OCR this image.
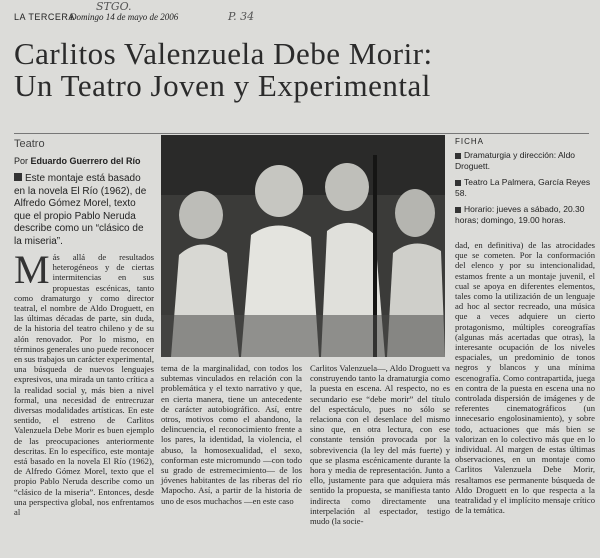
LA TERCERA
Domingo 14 de mayo de 2006
STGO.
P. 34
Carlitos Valenzuela Debe Morir:
Un Teatro Joven y Experimental
Teatro
Por Eduardo Guerrero del Río
Este montaje está basado en la novela El Río (1962), de Alfredo Gómez Morel, texto que el propio Pablo Neruda describe como un “clásico de la miseria”.
FICHA
Dramaturgia y dirección: Aldo Droguett.
Teatro La Palmera, García Reyes 58.
Horario: jueves a sábado, 20.30 horas; domingo, 19.00 horas.
M ás allá de resultados heterogéneos y de ciertas intermitencias en sus propuestas escénicas, tanto como dramaturgo y como director teatral, el nombre de Aldo Droguett, en las últimas décadas de parte, sin duda, de la historia del teatro chileno y de su alón renovador. Por lo mismo, en términos generales uno puede reconocer en sus trabajos un carácter experimental, una búsqueda de nuevos lenguajes expresivos, una mirada un tanto crítica a la realidad social y, más bien a nivel formal, una necesidad de entrecruzar diversas modalidades artísticas. En este sentido, el estreno de Carlitos Valenzuela Debe Morir es buen ejemplo de las preocupaciones anteriormente descritas. En lo específico, este montaje está basado en la novela El Río (1962), de Alfredo Gómez Morel, texto que el propio Pablo Neruda describe como un “clásico de la miseria”. Entonces, desde una perspectiva global, nos enfrentamos al

tema de la marginalidad, con todos los subtemas vinculados en relación con la problemática y el texto narrativo y que, en cierta manera, tiene un antecedente de carácter autobiográfico. Así, entre otros, motivos como el abandono, la delincuencia, el reconocimiento frente a los pares, la identidad, la violencia, el abuso, la homosexualidad, el sexo, conforman este micromundo —con todo su grado de estremecimiento— de los jóvenes habitantes de las riberas del río Mapocho. Así, a partir de la historia de uno de esos muchachos —en este caso

Carlitos Valenzuela—, Aldo Droguett va construyendo tanto la dramaturgia como la puesta en escena. Al respecto, no es secundario ese “debe morir” del título del espectáculo, pues no sólo se relaciona con el desenlace del mismo sino que, en otra lectura, con ese constante tensión provocada por la sobrevivencia (la ley del más fuerte) y que se plasma escénicamente durante la hora y media de representación. Junto a ello, justamente para que adquiera más sentido la propuesta, se manifiesta tanto indirecta como directamente una interpelación al espectador, testigo mudo (la socie-

dad, en definitiva) de las atrocidades que se cometen. Por la conformación del elenco y por su intencionalidad, estamos frente a un montaje juvenil, el cual se apoya en diferentes elementos, tales como la utilización de un lenguaje ad hoc al sector recreado, una música que a veces adquiere un cierto protagonismo, múltiples coreografías (algunas más acertadas que otras), la interesante ocupación de los niveles espaciales, un predominio de tonos negros y blancos y una mínima escenografía. Como contrapartida, juega en contra de la puesta en escena una no controlada dispersión de imágenes y de referentes cinematográficos (un innecesario engolosinamiento), y sobre todo, actuaciones que más bien se valorizan en lo colectivo más que en lo individual. Al margen de estas últimas observaciones, en un montaje como Carlitos Valenzuela Debe Morir, resaltamos ese permanente búsqueda de Aldo Droguett en lo que respecta a la teatralidad y el implícito mensaje crítico de la temática.
